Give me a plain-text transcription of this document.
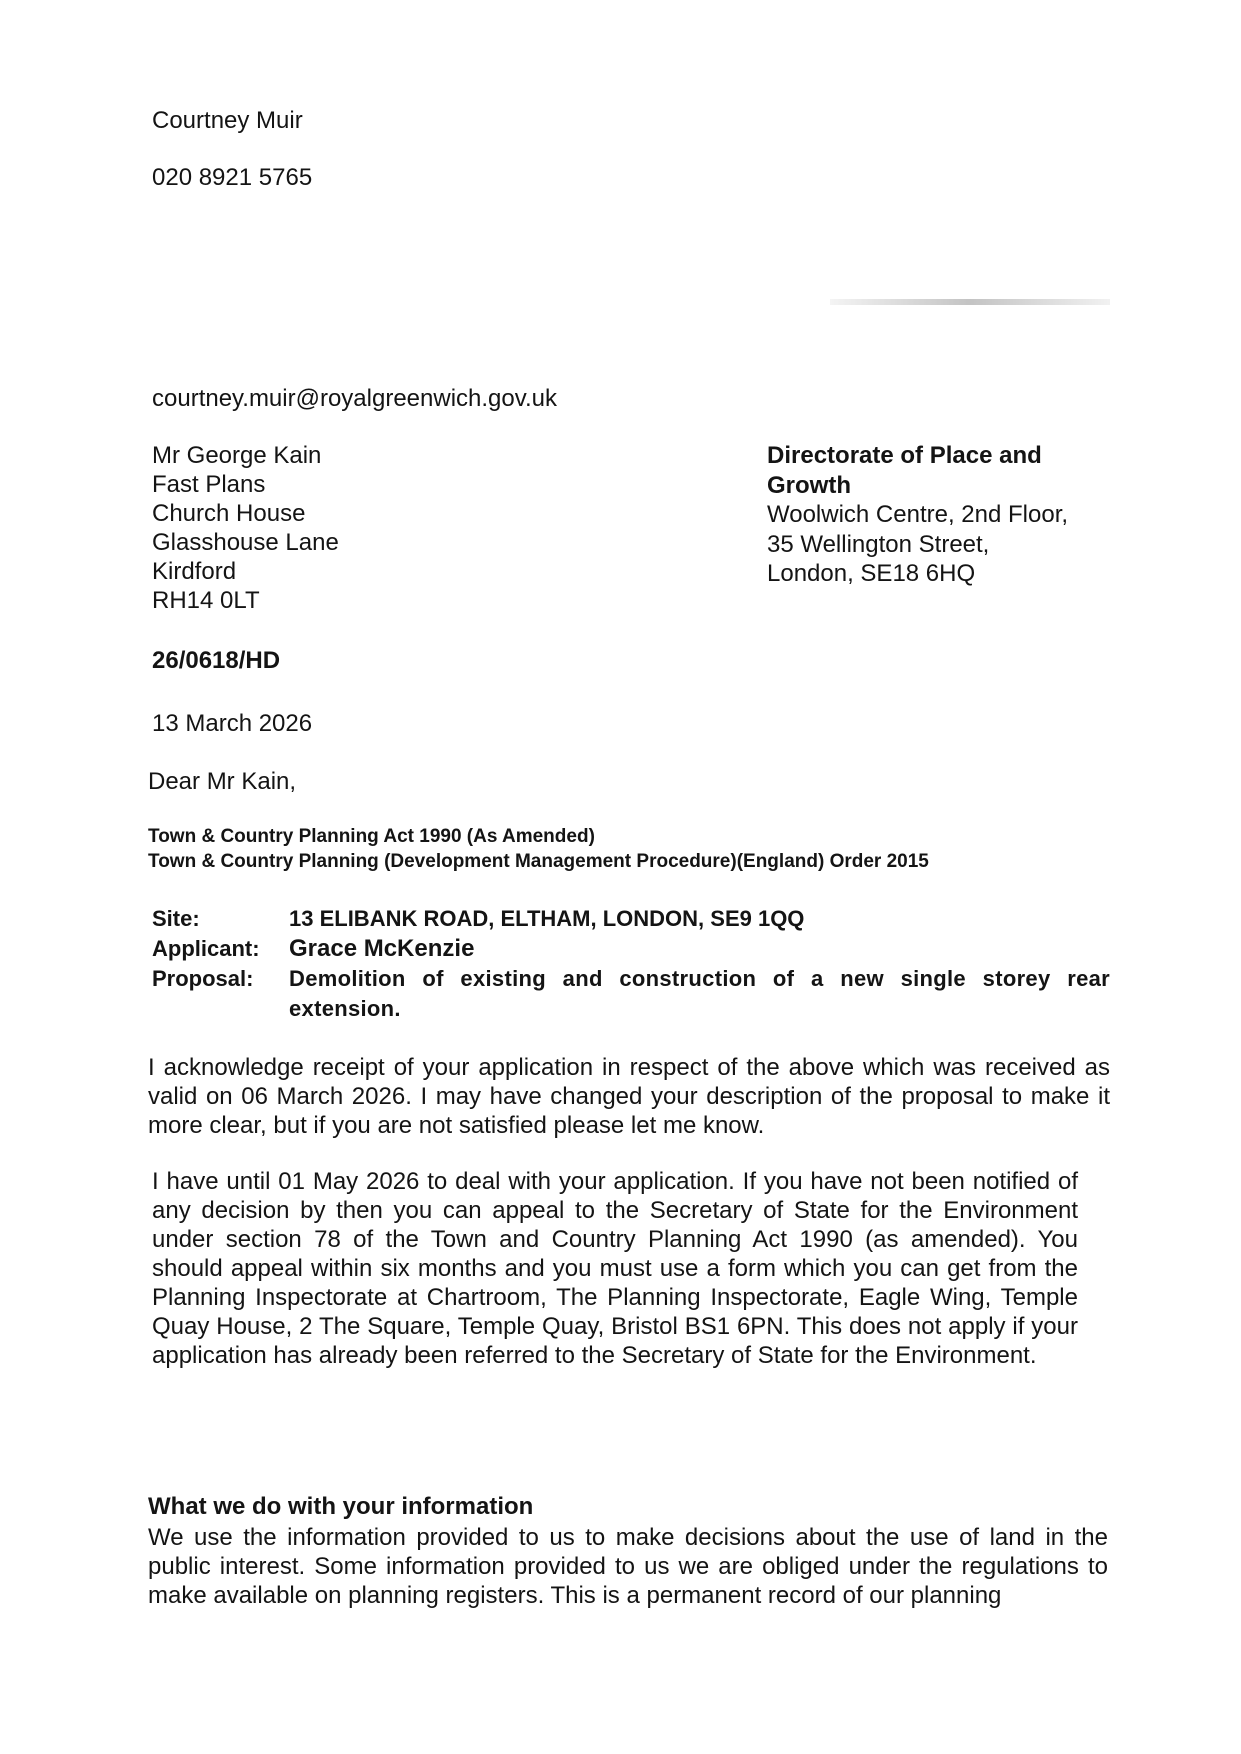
Courtney Muir
020 8921 5765
courtney.muir@royalgreenwich.gov.uk
Mr George Kain
Fast Plans
Church House
Glasshouse Lane
Kirdford
RH14 0LT
Directorate of Place and
Growth
Woolwich Centre, 2nd Floor,
35 Wellington Street,
London, SE18 6HQ
26/0618/HD
13 March 2026
Dear Mr Kain,
Town & Country Planning Act 1990 (As Amended)
Town & Country Planning (Development Management Procedure)(England) Order 2015
Site:	13 ELIBANK ROAD, ELTHAM, LONDON, SE9 1QQ
Applicant:	Grace McKenzie
Proposal:	Demolition of existing and construction of a new single storey rear extension.
I acknowledge receipt of your application in respect of the above which was received as valid on 06 March 2026. I may have changed your description of the proposal to make it more clear, but if you are not satisfied please let me know.
I have until 01 May 2026 to deal with your application. If you have not been notified of any decision by then you can appeal to the Secretary of State for the Environment under section 78 of the Town and Country Planning Act 1990 (as amended). You should appeal within six months and you must use a form which you can get from the Planning Inspectorate at Chartroom, The Planning Inspectorate, Eagle Wing, Temple Quay House, 2 The Square, Temple Quay, Bristol BS1 6PN. This does not apply if your application has already been referred to the Secretary of State for the Environment.
What we do with your information
We use the information provided to us to make decisions about the use of land in the public interest. Some information provided to us we are obliged under the regulations to make available on planning registers. This is a permanent record of our planning
